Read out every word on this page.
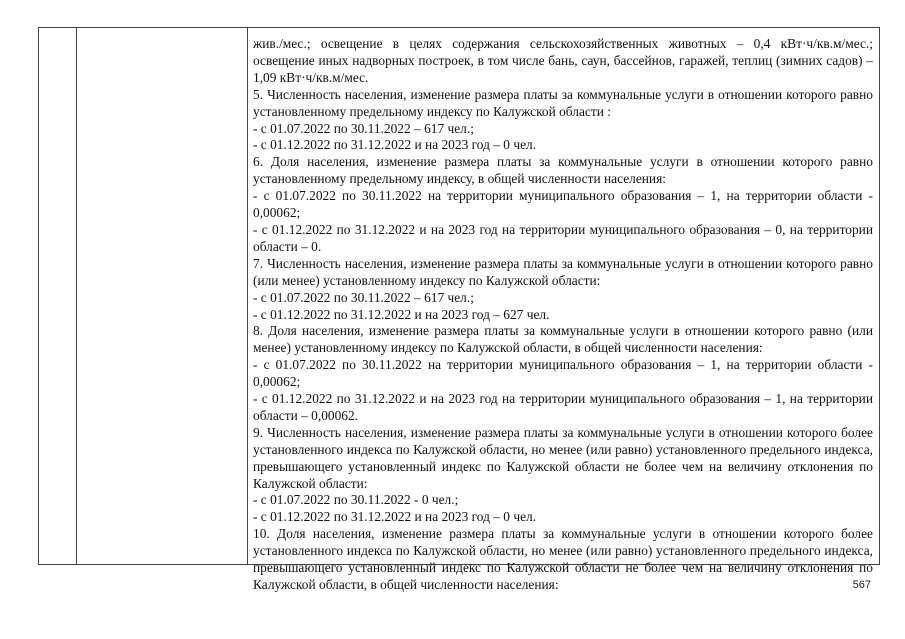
жив./мес.; освещение в целях содержания сельскохозяйственных животных – 0,4 кВт·ч/кв.м/мес.; освещение иных надворных построек, в том числе бань, саун, бассейнов, гаражей, теплиц (зимних садов) – 1,09 кВт·ч/кв.м/мес.

5. Численность населения, изменение размера платы за коммунальные услуги в отношении которого равно установленному предельному индексу по Калужской области :

- с 01.07.2022 по 30.11.2022 – 617 чел.;

- с 01.12.2022 по 31.12.2022 и на 2023 год – 0 чел.

6. Доля населения, изменение размера платы за коммунальные услуги в отношении которого равно установленному предельному индексу, в общей численности населения:

- с 01.07.2022 по 30.11.2022 на территории муниципального образования – 1, на территории области - 0,00062;

- с 01.12.2022 по 31.12.2022 и на 2023 год на территории муниципального образования – 0, на территории области – 0.

7. Численность населения, изменение размера платы за коммунальные услуги в отношении которого равно (или менее) установленному индексу по Калужской области:

- с 01.07.2022 по 30.11.2022 – 617 чел.;

- с 01.12.2022 по 31.12.2022 и на 2023 год – 627 чел.

8. Доля населения, изменение размера платы за коммунальные услуги в отношении которого равно (или менее) установленному индексу по Калужской области, в общей численности населения:

- с 01.07.2022 по 30.11.2022 на территории муниципального образования – 1, на территории области - 0,00062;

- с 01.12.2022 по 31.12.2022 и на 2023 год на территории муниципального образования – 1, на территории области – 0,00062.

9. Численность населения, изменение размера платы за коммунальные услуги в отношении которого более установленного индекса по Калужской области, но менее (или равно) установленного предельного индекса, превышающего установленный индекс по Калужской области не более чем на величину отклонения по Калужской области:

- с 01.07.2022 по 30.11.2022 - 0 чел.;

- с 01.12.2022 по 31.12.2022 и на 2023 год – 0 чел.

10. Доля населения, изменение размера платы за коммунальные услуги в отношении которого более установленного индекса по Калужской области, но менее (или равно) установленного предельного индекса, превышающего установленный индекс по Калужской области не более чем на величину отклонения по Калужской области, в общей численности населения:	567
